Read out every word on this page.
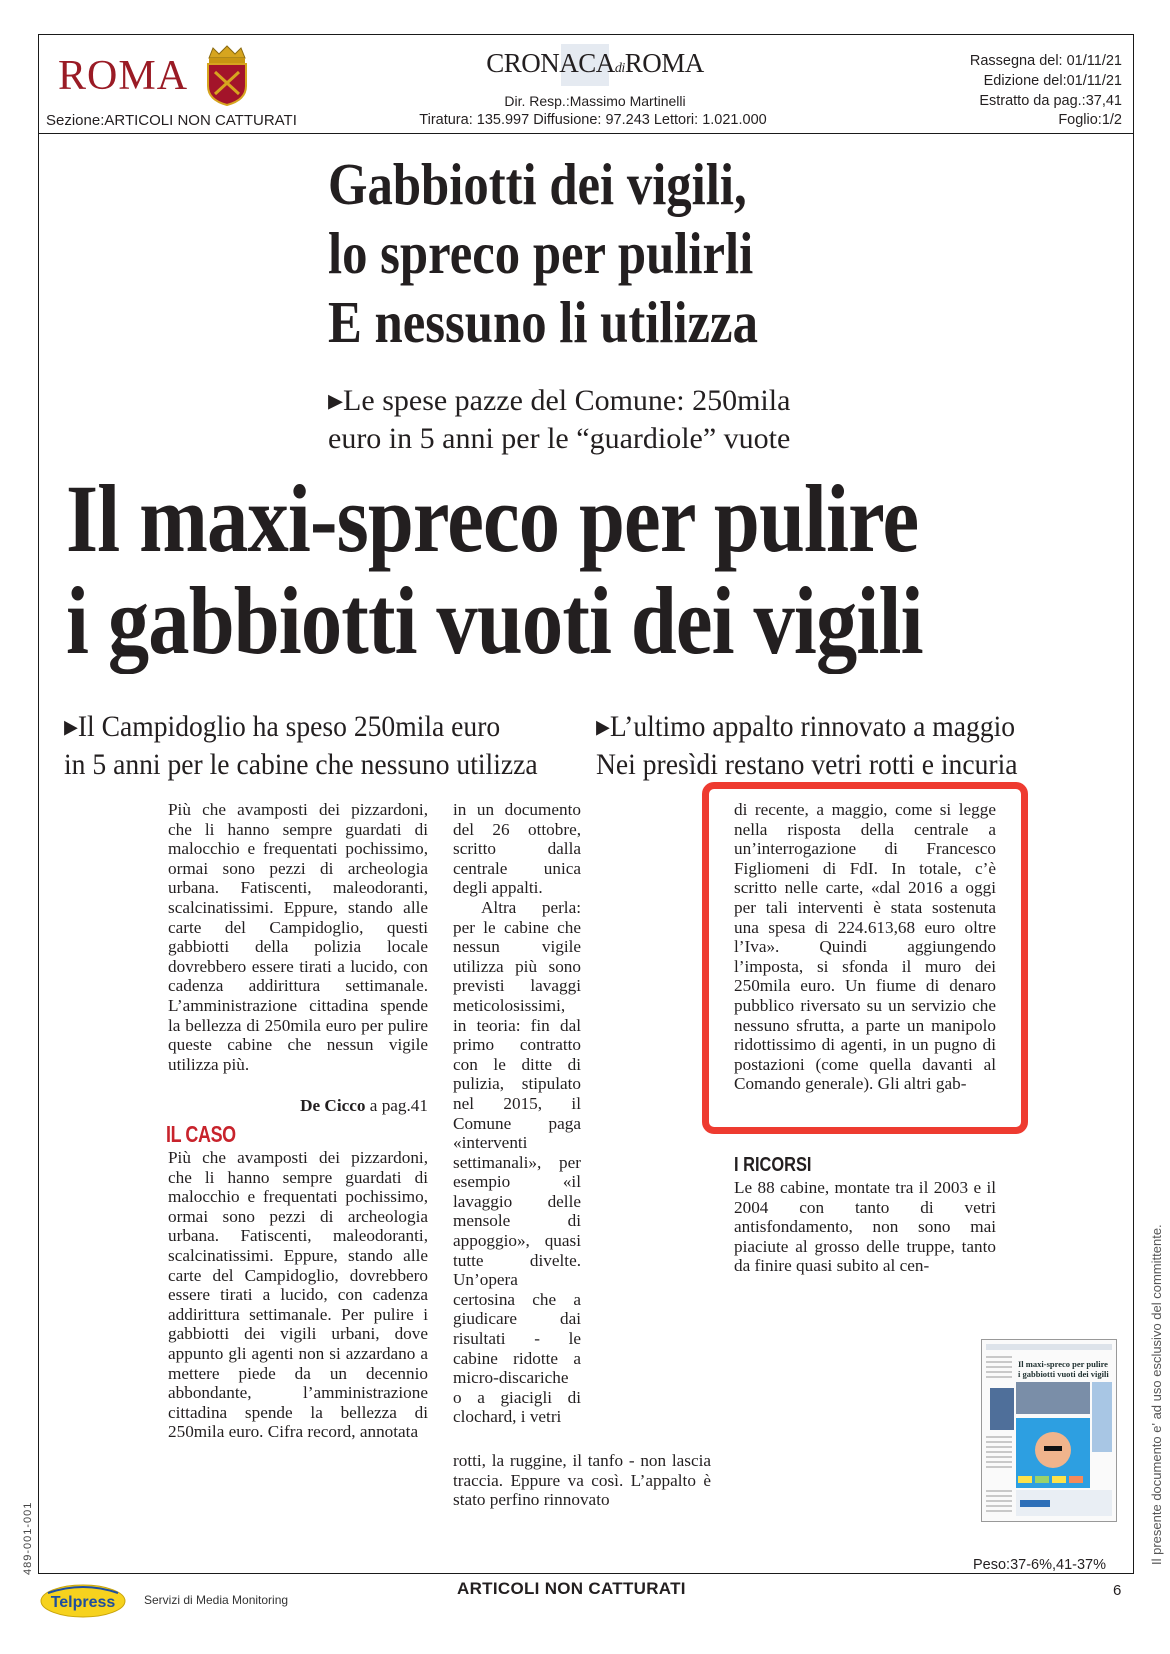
ROMA
Sezione:ARTICOLI NON CATTURATI
CRONACAdiROMA
Dir. Resp.:Massimo Martinelli
Tiratura: 135.997 Diffusione: 97.243 Lettori: 1.021.000
Rassegna del: 01/11/21
Edizione del:01/11/21
Estratto da pag.:37,41
Foglio:1/2
Gabbiotti dei vigili,
lo spreco per pulirli
E nessuno li utilizza
▸Le spese pazze del Comune: 250mila
euro in 5 anni per le “guardiole” vuote
Il maxi-spreco per pulire
i gabbiotti vuoti dei vigili
▸Il Campidoglio ha speso 250mila euro
in 5 anni per le cabine che nessuno utilizza
▸L’ultimo appalto rinnovato a maggio
Nei presìdi restano vetri rotti e incuria

Più che avamposti dei pizzardoni, che li hanno sempre guardati di malocchio e frequentati pochissimo, ormai sono pezzi di archeologia urbana. Fatiscenti, maleodoranti, scalcinatissimi. Eppure, stando alle carte del Campidoglio, questi gabbiotti della polizia locale dovrebbero essere tirati a lucido, con cadenza addirittura settimanale. L’amministrazione cittadina spende la bellezza di 250mila euro per pulire queste cabine che nessun vigile utilizza più.

De Cicco a pag.41
IL CASO

Più che avamposti dei pizzardoni, che li hanno sempre guardati di malocchio e frequentati pochissimo, ormai sono pezzi di archeologia urbana. Fatiscenti, maleodoranti, scalcinatissimi. Eppure, stando alle carte del Campidoglio, dovrebbero essere tirati a lucido, con cadenza addirittura settimanale. Per pulire i gabbiotti dei vigili urbani, dove appunto gli agenti non si azzardano a mettere piede da un decennio abbondante, l’amministrazione cittadina spende la bellezza di 250mila euro. Cifra record, annotata

in un documento del 26 ottobre, scritto dalla centrale unica degli appalti.

Altra perla: per le cabine che nessun vigile utilizza più sono previsti lavaggi meticolosissimi, in teoria: fin dal primo contratto con le ditte di pulizia, stipulato nel 2015, il Comune paga «interventi settimanali», per esempio «il lavaggio delle mensole di appoggio», quasi tutte divelte. Un’opera certosina che a giudicare dai risultati - le cabine ridotte a micro-discariche o a giacigli di clochard, i vetri

rotti, la ruggine, il tanfo - non lascia traccia. Eppure va così. L’appalto è stato perfino rinnovato

di recente, a maggio, come si legge nella risposta della centrale a un’interrogazione di Francesco Figliomeni di FdI. In totale, c’è scritto nelle carte, «dal 2016 a oggi per tali interventi è stata sostenuta una spesa di 224.613,68 euro oltre l’Iva». Quindi aggiungendo l’imposta, si sfonda il muro dei 250mila euro. Un fiume di denaro pubblico riversato su un servizio che nessuno sfrutta, a parte un manipolo ridottissimo di agenti, in un pugno di postazioni (come quella davanti al Comando generale). Gli altri gab-

I RICORSI

Le 88 cabine, montate tra il 2003 e il 2004 con tanto di vetri antisfondamento, non sono mai piaciute al grosso delle truppe, tanto da finire quasi subito al cen-

Il maxi-spreco per pulire
i gabbiotti vuoti dei vigili	Il presente documento e' ad uso esclusivo del committente.
489-001-001	Peso:37-6%,41-37%
Telpress Servizi di Media Monitoring
ARTICOLI NON CATTURATI	6
